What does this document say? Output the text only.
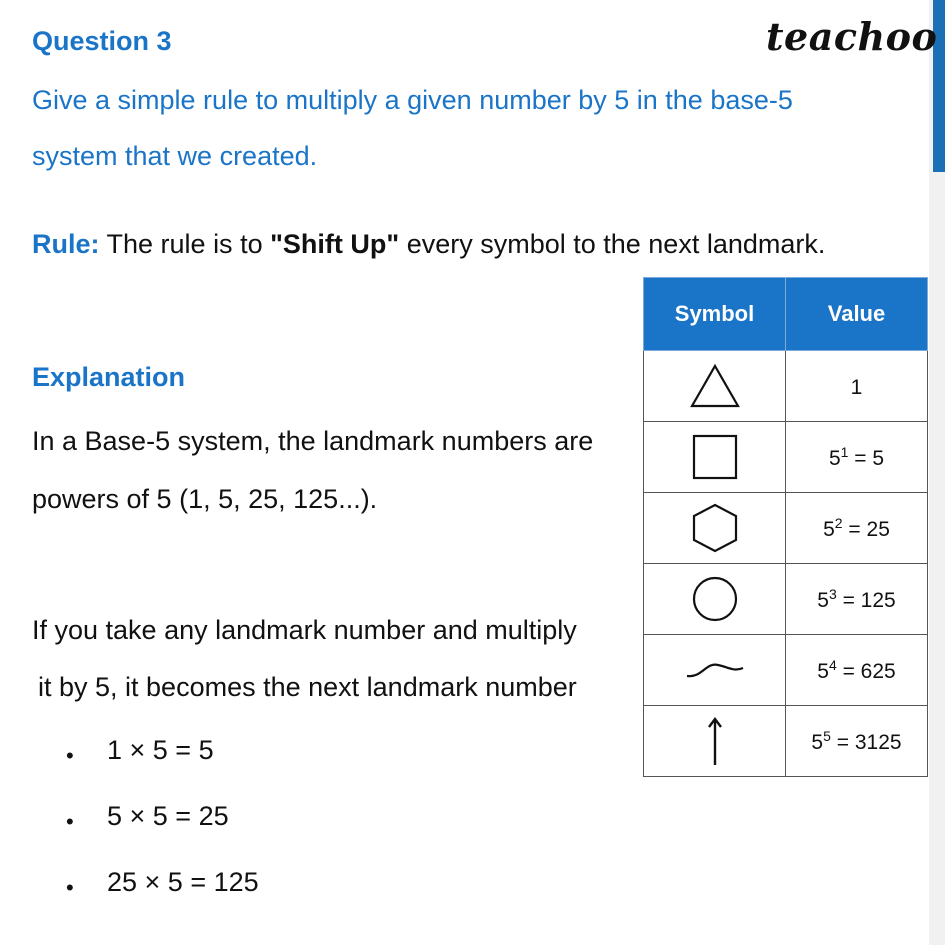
Question 3	teachoo
Give a simple rule to multiply a given number by 5 in the base-5
system that we created.
Rule: The rule is to "Shift Up" every symbol to the next landmark.
Explanation
In a Base-5 system, the landmark numbers are
powers of 5 (1, 5, 25, 125...).
If you take any landmark number and multiply
it by 5, it becomes the next landmark number
• 1 × 5 = 5
• 5 × 5 = 25
• 25 × 5 = 125
Symbol	Value

	1

	$5^1 = 5$

	$5^2 = 25$

	$5^3 = 125$

	$5^4 = 625$

	$5^5 = 3125$
